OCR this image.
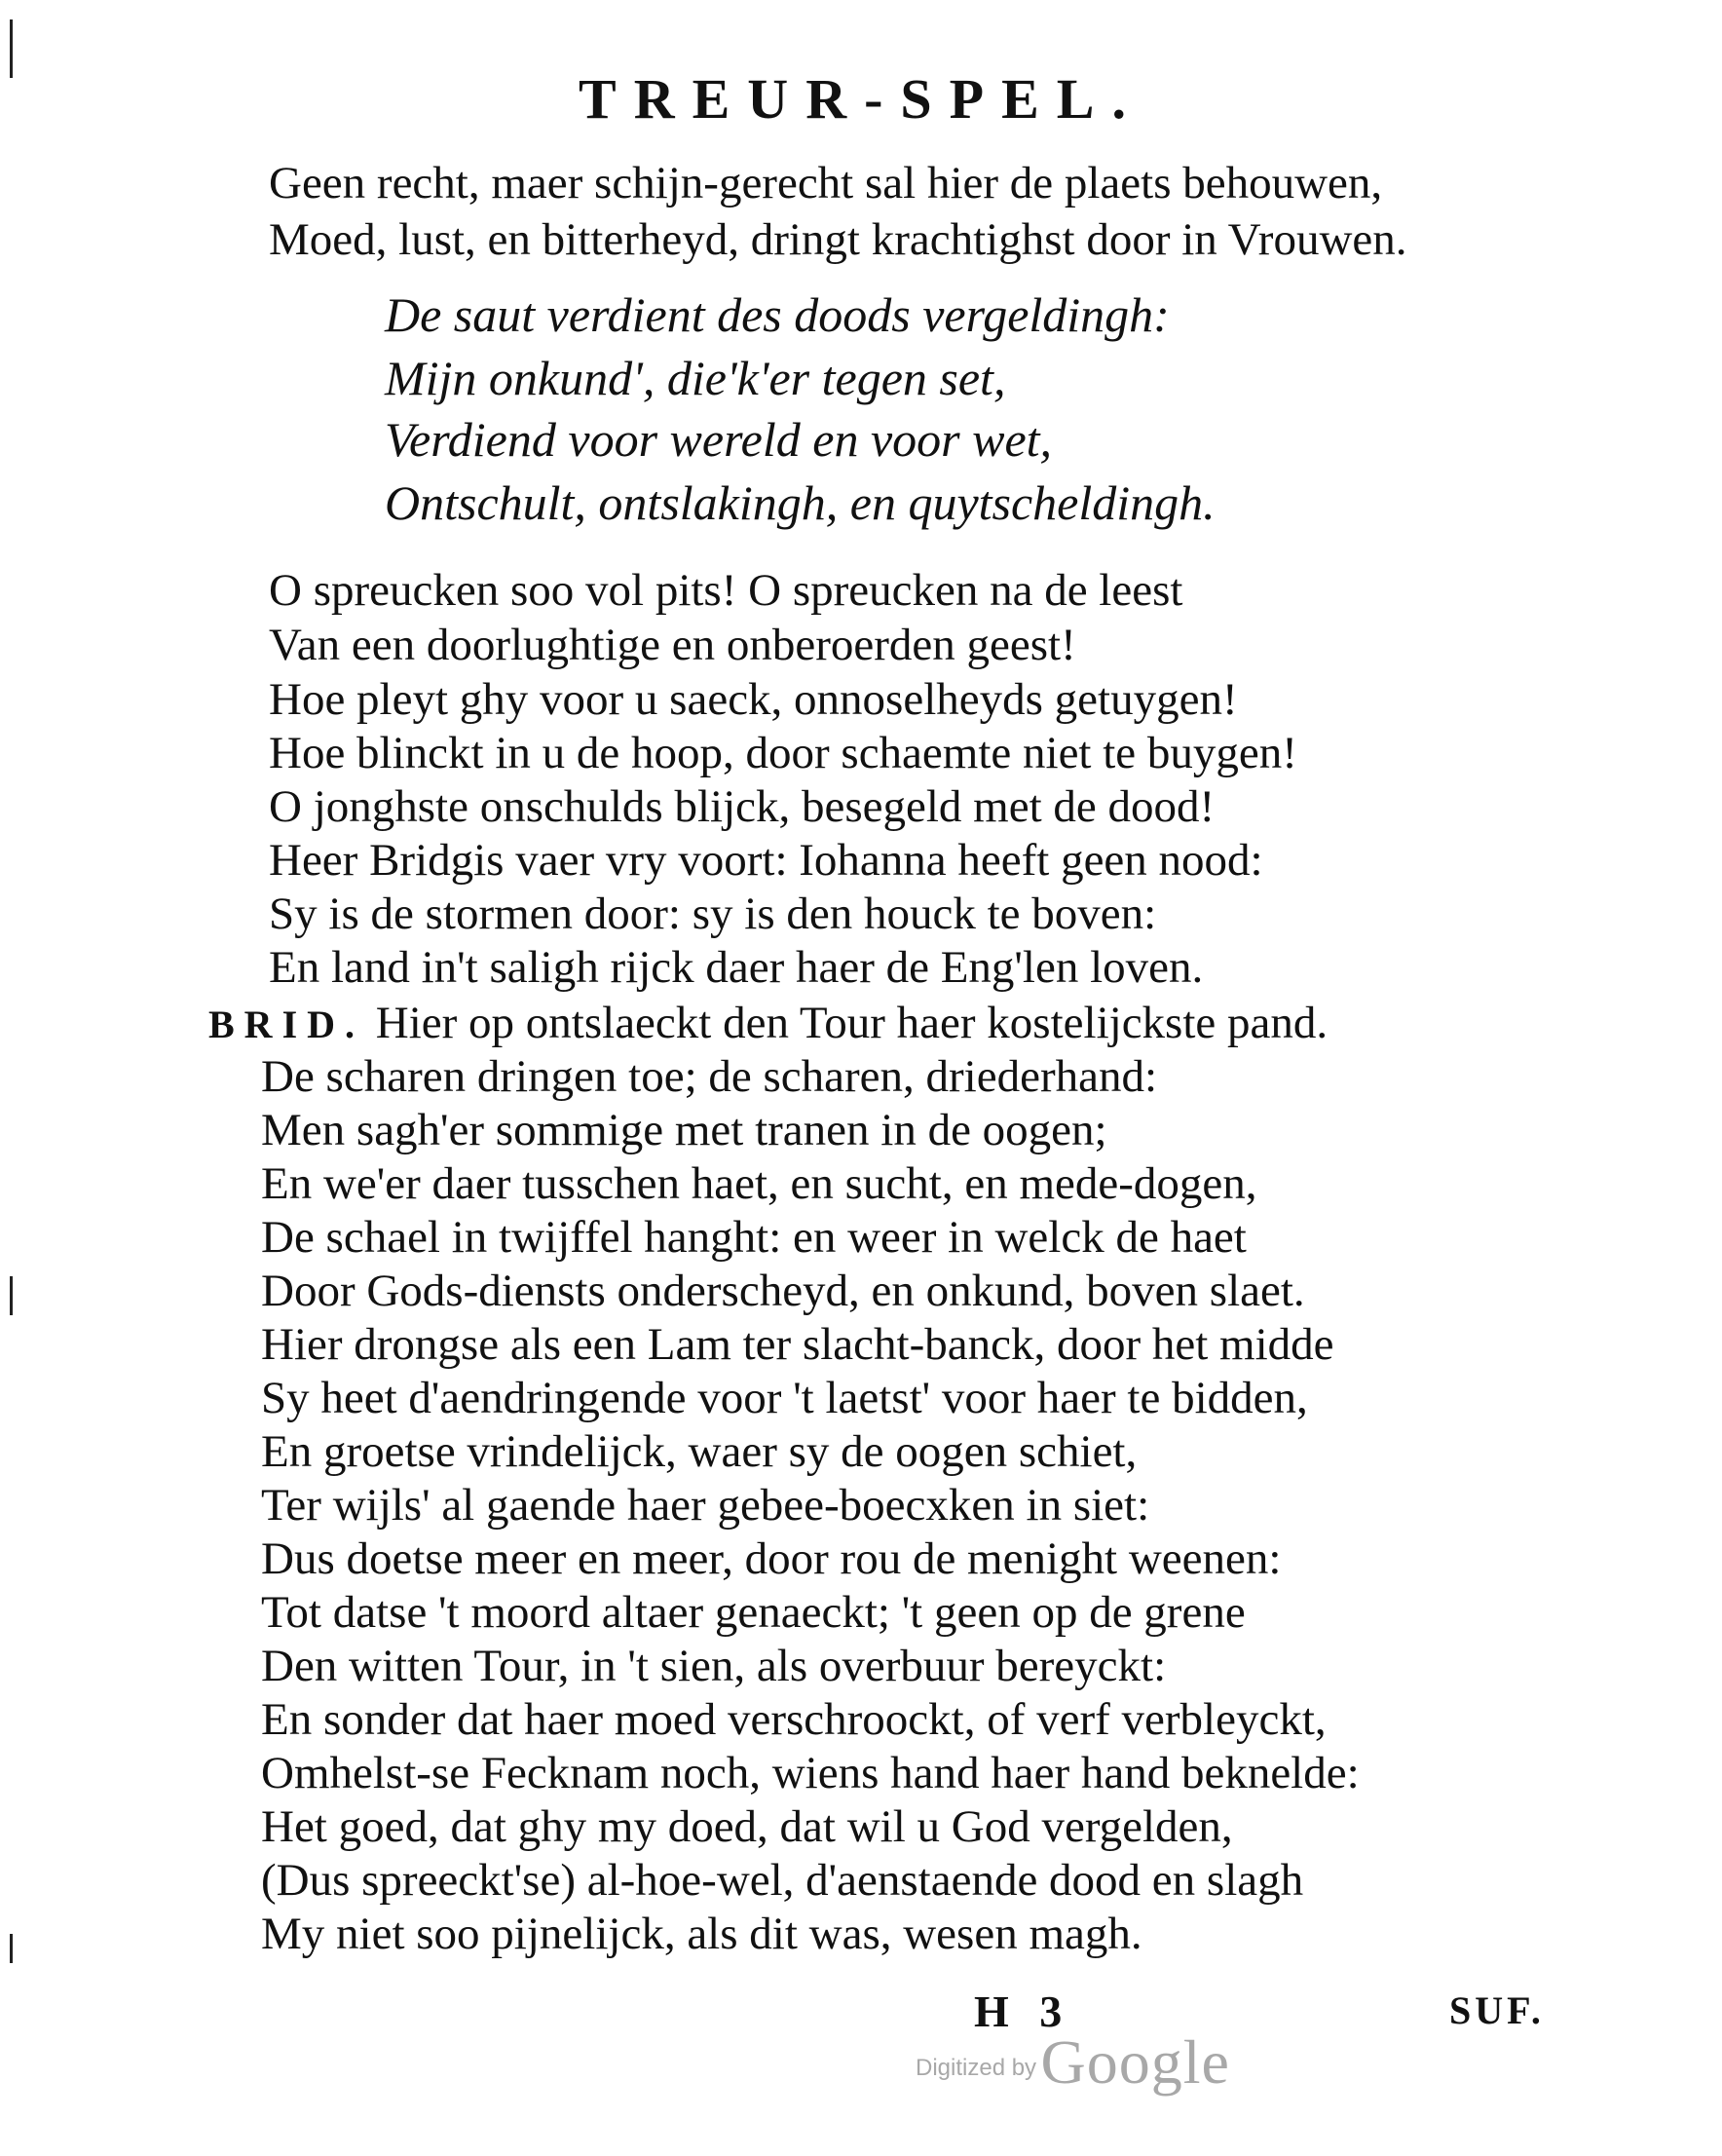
TREUR-SPEL.
Geen recht, maer schijn-gerecht sal hier de plaets behouwen,
Moed, lust, en bitterheyd, dringt krachtighst door in Vrouwen.
De saut verdient des doods vergeldingh:
Mijn onkund', die'k'er tegen set,
Verdiend voor wereld en voor wet,
Ontschult, ontslakingh, en quytscheldingh.
O spreucken soo vol pits! O spreucken na de leest
Van een doorlughtige en onberoerden geest!
Hoe pleyt ghy voor u saeck, onnoselheyds getuygen!
Hoe blinckt in u de hoop, door schaemte niet te buygen!
O jonghste onschulds blijck, besegeld met de dood!
Heer Bridgis vaer vry voort: Iohanna heeft geen nood:
Sy is de stormen door: sy is den houck te boven:
En land in't saligh rijck daer haer de Eng'len loven.
BRID. Hier op ontslaeckt den Tour haer kostelijckste pand.
De scharen dringen toe; de scharen, driederhand:
Men sagh'er sommige met tranen in de oogen;
En we'er daer tusschen haet, en sucht, en mede-dogen,
De schael in twijffel hanght: en weer in welck de haet
Door Gods-diensts onderscheyd, en onkund, boven slaet.
Hier drongse als een Lam ter slacht-banck, door het midde
Sy heet d'aendringende voor 't laetst' voor haer te bidden,
En groetse vrindelijck, waer sy de oogen schiet,
Ter wijls' al gaende haer gebee-boecxken in siet:
Dus doetse meer en meer, door rou de menight weenen:
Tot datse 't moord altaer genaeckt; 't geen op de grene
Den witten Tour, in 't sien, als overbuur bereyckt:
En sonder dat haer moed verschroockt, of verf verbleyckt,
Omhelst-se Fecknam noch, wiens hand haer hand beknelde:
Het goed, dat ghy my doed, dat wil u God vergelden,
(Dus spreeckt'se) al-hoe-wel, d'aenstaende dood en slagh
My niet soo pijnelijck, als dit was, wesen magh.
H 3	SUF.
Digitized by Google
